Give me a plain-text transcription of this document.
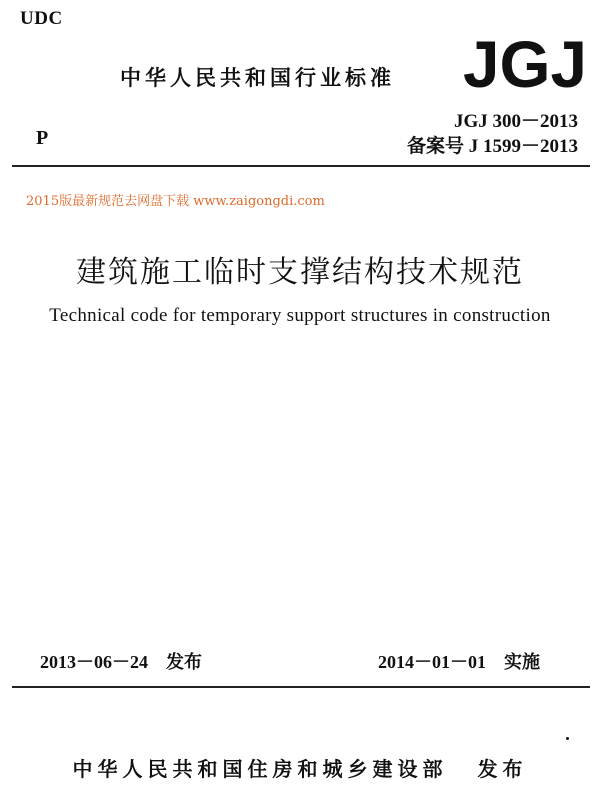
UDC
中华人民共和国行业标准 JGJ
JGJ 300－2013
备案号 J 1599－2013
P
2015版最新规范去网盘下载 www.zaigongdi.com
建筑施工临时支撑结构技术规范
Technical code for temporary support structures in construction
2013－06－24 发布	2014－01－01 实施
中华人民共和国住房和城乡建设部 发布
